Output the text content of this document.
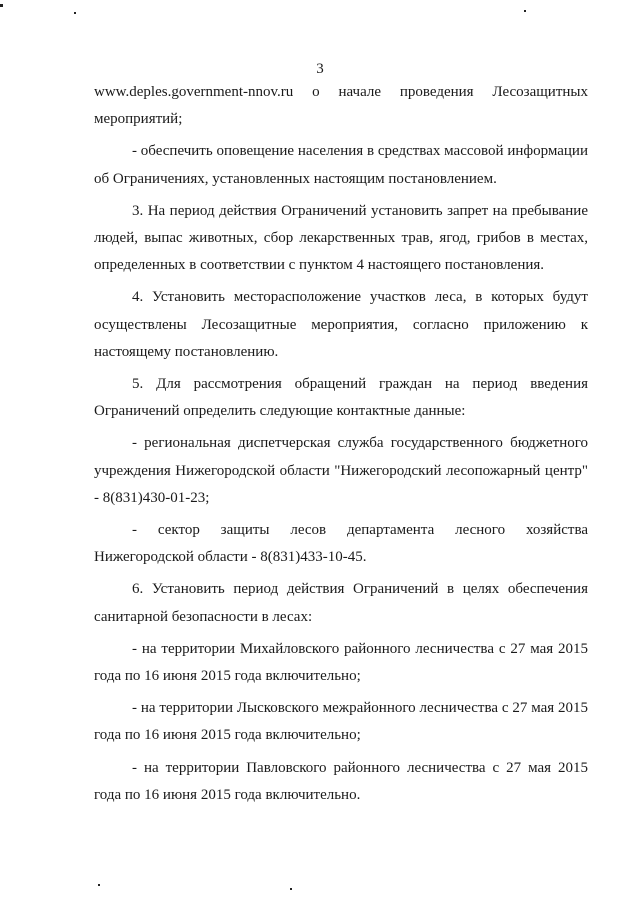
3

www.deples.government-nnov.ru о начале проведения Лесозащитных мероприятий;

- обеспечить оповещение населения в средствах массовой информации об Ограничениях, установленных настоящим постановлением.

3. На период действия Ограничений установить запрет на пребывание людей, выпас животных, сбор лекарственных трав, ягод, грибов в местах, определенных в соответствии с пунктом 4 настоящего постановления.

4. Установить месторасположение участков леса, в которых будут осуществлены Лесозащитные мероприятия, согласно приложению к настоящему постановлению.

5. Для рассмотрения обращений граждан на период введения Ограничений определить следующие контактные данные:

- региональная диспетчерская служба государственного бюджетного учреждения Нижегородской области "Нижегородский лесопожарный центр" - 8(831)430-01-23;

- сектор защиты лесов департамента лесного хозяйства Нижегородской области - 8(831)433-10-45.

6. Установить период действия Ограничений в целях обеспечения санитарной безопасности в лесах:

- на территории Михайловского районного лесничества с 27 мая 2015 года по 16 июня 2015 года включительно;

- на территории Лысковского межрайонного лесничества с 27 мая 2015 года по 16 июня 2015 года включительно;

- на территории Павловского районного лесничества с 27 мая 2015 года по 16 июня 2015 года включительно.
